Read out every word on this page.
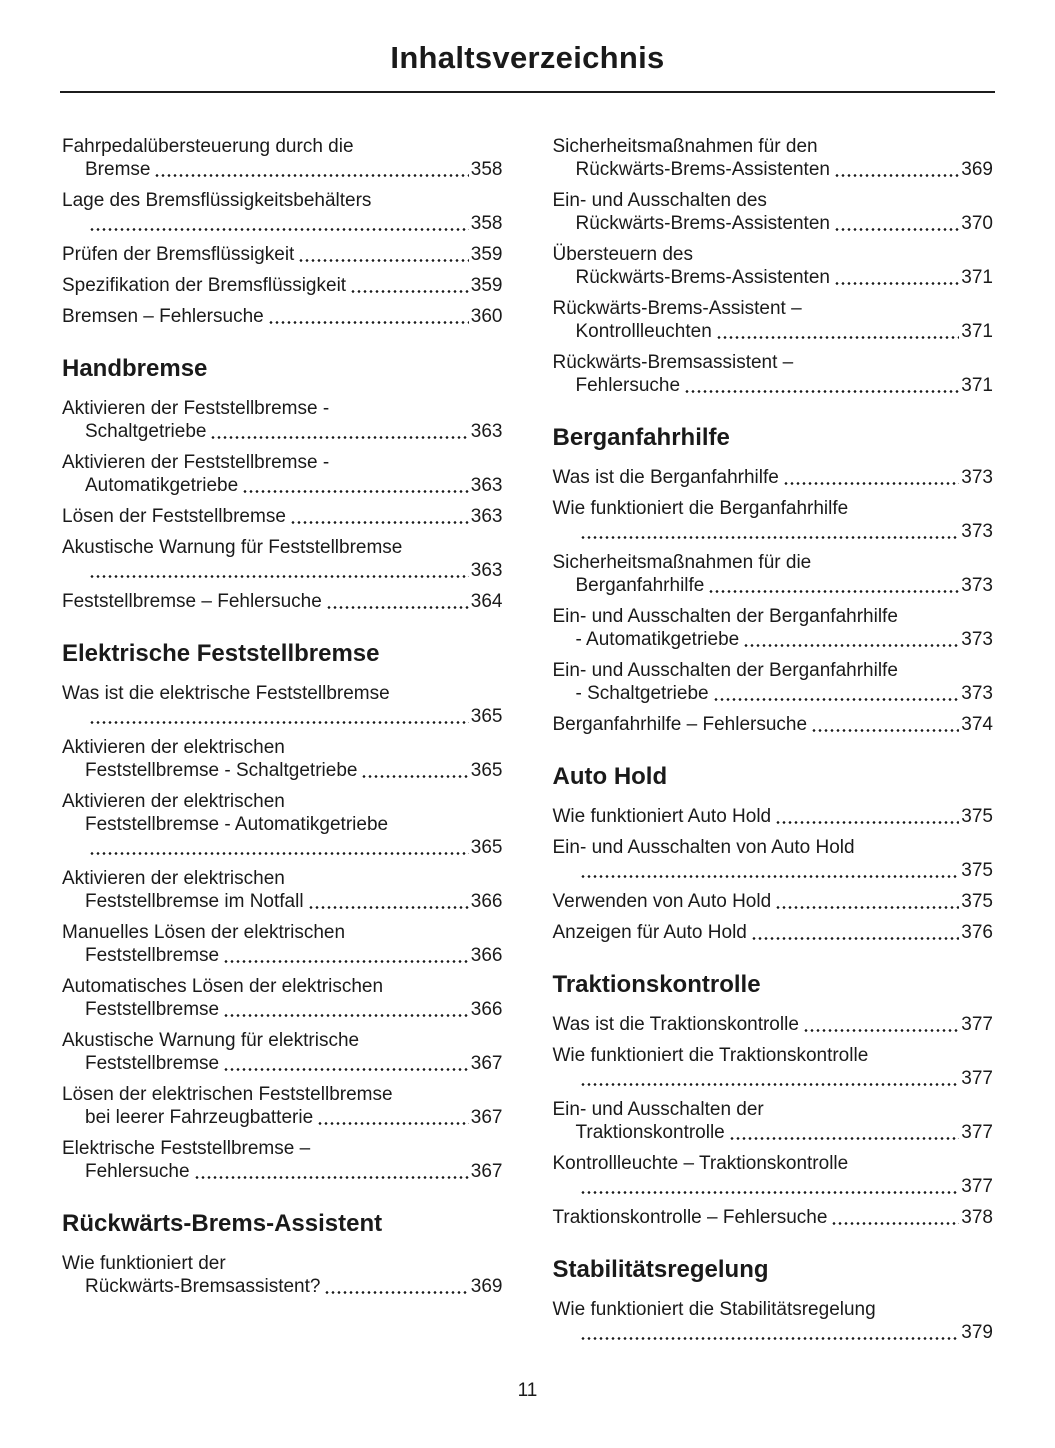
Inhaltsverzeichnis
Fahrpedalübersteuerung durch die
Bremse	358
Lage des Bremsflüssigkeitsbehälters
358
Prüfen der Bremsflüssigkeit	359
Spezifikation der Bremsflüssigkeit	359
Bremsen – Fehlersuche	360
Handbremse
Aktivieren der Feststellbremse -
Schaltgetriebe	363
Aktivieren der Feststellbremse -
Automatikgetriebe	363
Lösen der Feststellbremse	363
Akustische Warnung für Feststellbremse
363
Feststellbremse – Fehlersuche	364
Elektrische Feststellbremse
Was ist die elektrische Feststellbremse
365
Aktivieren der elektrischen
Feststellbremse - Schaltgetriebe	365
Aktivieren der elektrischen
Feststellbremse - Automatikgetriebe
365
Aktivieren der elektrischen
Feststellbremse im Notfall	366
Manuelles Lösen der elektrischen
Feststellbremse	366
Automatisches Lösen der elektrischen
Feststellbremse	366
Akustische Warnung für elektrische
Feststellbremse	367
Lösen der elektrischen Feststellbremse
bei leerer Fahrzeugbatterie	367
Elektrische Feststellbremse –
Fehlersuche	367
Rückwärts-Brems-Assistent
Wie funktioniert der
Rückwärts-Bremsassistent?	369
Sicherheitsmaßnahmen für den
Rückwärts-Brems-Assistenten	369
Ein- und Ausschalten des
Rückwärts-Brems-Assistenten	370
Übersteuern des
Rückwärts-Brems-Assistenten	371
Rückwärts-Brems-Assistent –
Kontrollleuchten	371
Rückwärts-Bremsassistent –
Fehlersuche	371
Berganfahrhilfe
Was ist die Berganfahrhilfe	373
Wie funktioniert die Berganfahrhilfe
373
Sicherheitsmaßnahmen für die
Berganfahrhilfe	373
Ein- und Ausschalten der Berganfahrhilfe
- Automatikgetriebe	373
Ein- und Ausschalten der Berganfahrhilfe
- Schaltgetriebe	373
Berganfahrhilfe – Fehlersuche	374
Auto Hold
Wie funktioniert Auto Hold	375
Ein- und Ausschalten von Auto Hold
375
Verwenden von Auto Hold	375
Anzeigen für Auto Hold	376
Traktionskontrolle
Was ist die Traktionskontrolle	377
Wie funktioniert die Traktionskontrolle
377
Ein- und Ausschalten der
Traktionskontrolle	377
Kontrollleuchte – Traktionskontrolle
377
Traktionskontrolle – Fehlersuche	378
Stabilitätsregelung
Wie funktioniert die Stabilitätsregelung
379
11
